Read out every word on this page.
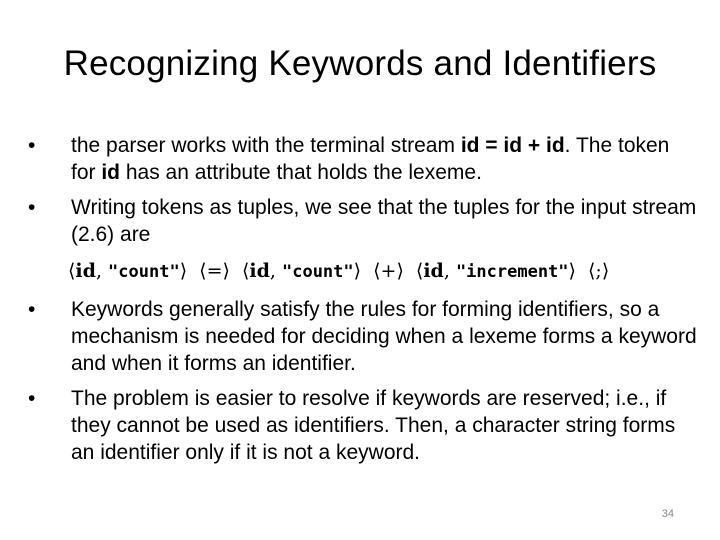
Recognizing Keywords and Identifiers

•	the parser works with the terminal stream id = id + id. The token for id has an attribute that holds the lexeme.

•	Writing tokens as tuples, we see that the tuples for the input stream (2.6) are

⟨id, "count"⟩ ⟨=⟩ ⟨id, "count"⟩ ⟨+⟩ ⟨id, "increment"⟩ ⟨;⟩

•	Keywords generally satisfy the rules for forming identifiers, so a mechanism is needed for deciding when a lexeme forms a keyword and when it forms an identifier.

•	The problem is easier to resolve if keywords are reserved; i.e., if they cannot be used as identifiers. Then, a character string forms an identifier only if it is not a keyword.

34
